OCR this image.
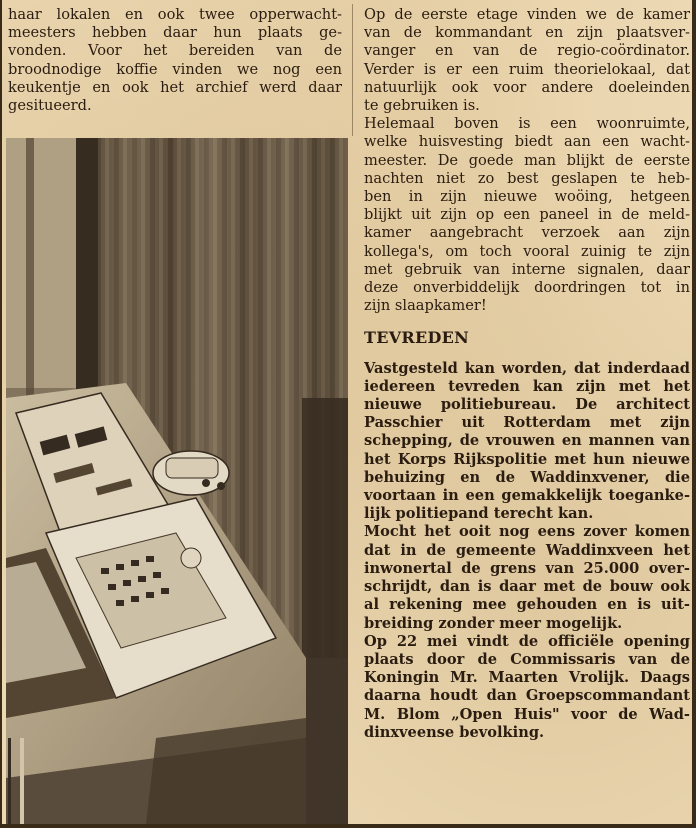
haar lokalen en ook twee opperwacht-
meesters hebben daar hun plaats ge-
vonden. Voor het bereiden van de
broodnodige koffie vinden we nog een
keukentje en ook het archief werd daar
gesitueerd.
Op de eerste etage vinden we de kamer
van de kommandant en zijn plaatsver-
vanger en van de regio-coördinator.
Verder is er een ruim theorielokaal, dat
natuurlijk ook voor andere doeleinden
te gebruiken is.
Helemaal boven is een woonruimte,
welke huisvesting biedt aan een wacht-
meester. De goede man blijkt de eerste
nachten niet zo best geslapen te heb-
ben in zijn nieuwe woöing, hetgeen
blijkt uit zijn op een paneel in de meld-
kamer aangebracht verzoek aan zijn
kollega's, om toch vooral zuinig te zijn
met gebruik van interne signalen, daar
deze onverbiddelijk doordringen tot in
zijn slaapkamer!

TEVREDEN

Vastgesteld kan worden, dat inderdaad
iedereen tevreden kan zijn met het
nieuwe politiebureau. De architect
Passchier uit Rotterdam met zijn
schepping, de vrouwen en mannen van
het Korps Rijkspolitie met hun nieuwe
behuizing en de Waddinxvener, die
voortaan in een gemakkelijk toeganke-
lijk politiepand terecht kan.
Mocht het ooit nog eens zover komen
dat in de gemeente Waddinxveen het
inwonertal de grens van 25.000 over-
schrijdt, dan is daar met de bouw ook
al rekening mee gehouden en is uit-
breiding zonder meer mogelijk.
Op 22 mei vindt de officiële opening
plaats door de Commissaris van de
Koningin Mr. Maarten Vrolijk. Daags
daarna houdt dan Groepscommandant
M. Blom „Open Huis" voor de Wad-
dinxveense bevolking.
